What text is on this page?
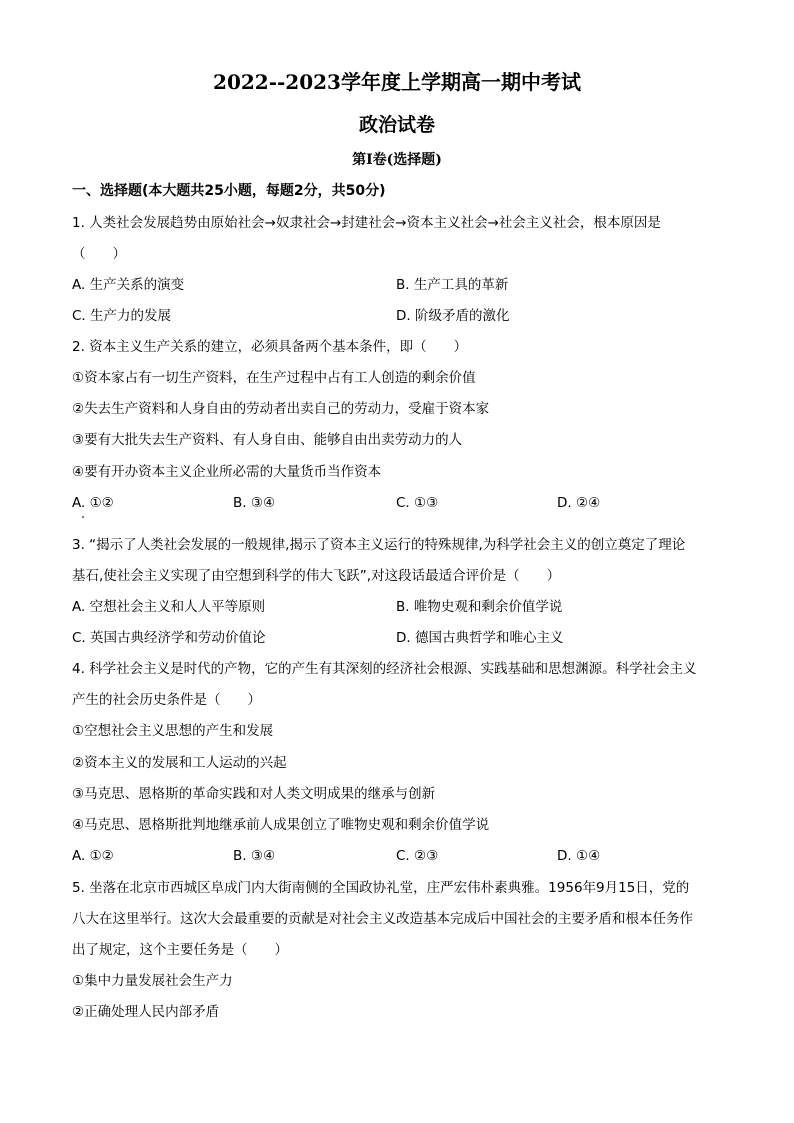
2022--2023学年度上学期高一期中考试
政治试卷
第Ⅰ卷(选择题)
一、选择题(本大题共25小题，每题2分，共50分)
1. 人类社会发展趋势由原始社会→奴隶社会→封建社会→资本主义社会→社会主义社会，根本原因是
（　　）
A. 生产关系的演变	B. 生产工具的革新
C. 生产力的发展	D. 阶级矛盾的激化
2. 资本主义生产关系的建立，必须具备两个基本条件，即（　　）
①资本家占有一切生产资料，在生产过程中占有工人创造的剩余价值
②失去生产资料和人身自由的劳动者出卖自己的劳动力，受雇于资本家
③要有大批失去生产资料、有人身自由、能够自由出卖劳动力的人
④要有开办资本主义企业所必需的大量货币当作资本
A. ①②	B. ③④	C. ①③	D. ②④
3. “揭示了人类社会发展的一般规律,揭示了资本主义运行的特殊规律,为科学社会主义的创立奠定了理论
基石,使社会主义实现了由空想到科学的伟大飞跃”,对这段话最适合评价是（　　）
A. 空想社会主义和人人平等原则	B. 唯物史观和剩余价值学说
C. 英国古典经济学和劳动价值论	D. 德国古典哲学和唯心主义
4. 科学社会主义是时代的产物，它的产生有其深刻的经济社会根源、实践基础和思想渊源。科学社会主义
产生的社会历史条件是（　　）
①空想社会主义思想的产生和发展
②资本主义的发展和工人运动的兴起
③马克思、恩格斯的革命实践和对人类文明成果的继承与创新
④马克思、恩格斯批判地继承前人成果创立了唯物史观和剩余价值学说
A. ①②	B. ③④	C. ②③	D. ①④
5. 坐落在北京市西城区阜成门内大街南侧的全国政协礼堂，庄严宏伟朴素典雅。1956年9月15日，党的
八大在这里举行。这次大会最重要的贡献是对社会主义改造基本完成后中国社会的主要矛盾和根本任务作
出了规定，这个主要任务是（　　）
①集中力量发展社会生产力
②正确处理人民内部矛盾
